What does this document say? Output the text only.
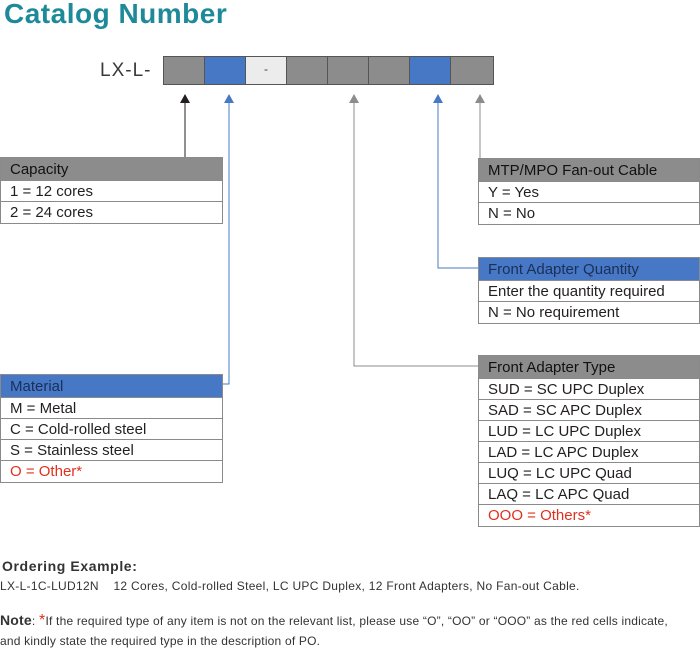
Catalog Number
LX-L-	-
Capacity
1 = 12 cores
2 = 24 cores
Material
M = Metal
C = Cold-rolled steel
S = Stainless steel
O = Other*
MTP/MPO Fan-out Cable
Y = Yes
N = No
Front Adapter Quantity
Enter the quantity required
N = No requirement
Front Adapter Type
SUD = SC UPC Duplex
SAD = SC APC Duplex
LUD = LC UPC Duplex
LAD = LC APC Duplex
LUQ = LC UPC Quad
LAQ = LC APC Quad
OOO = Others*
Ordering Example:
LX-L-1C-LUD12N 12 Cores, Cold-rolled Steel, LC UPC Duplex, 12 Front Adapters, No Fan-out Cable.
Note: *If the required type of any item is not on the relevant list, please use “O”, “OO” or “OOO” as the red cells indicate, and kindly state the required type in the description of PO.
